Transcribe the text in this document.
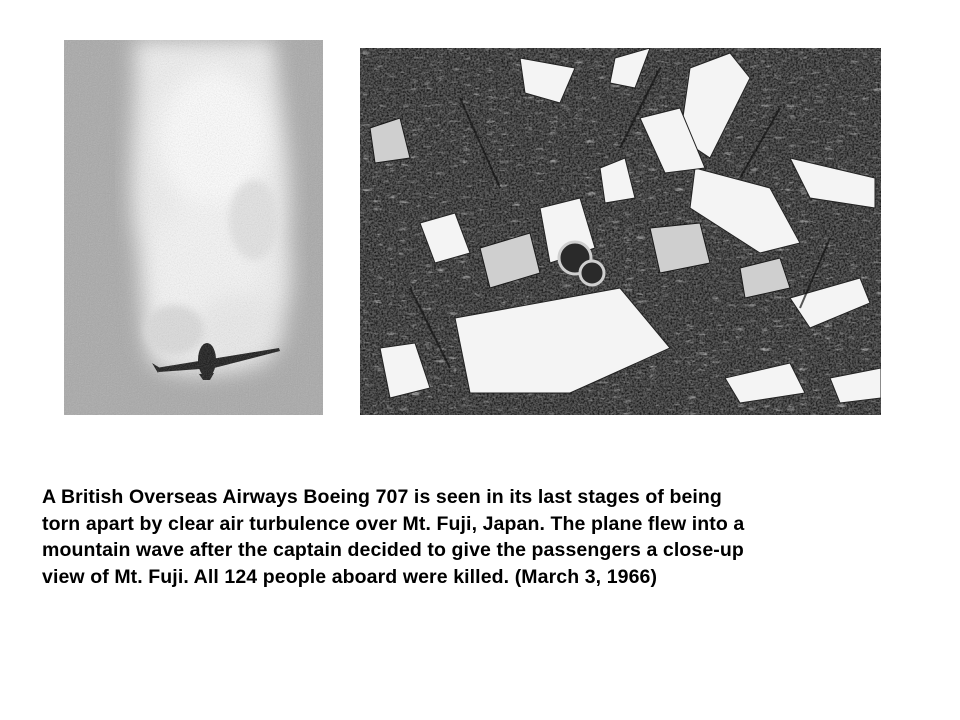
A British Overseas Airways Boeing 707 is seen in its last stages of being
torn apart by clear air turbulence over Mt. Fuji, Japan. The plane flew into a
mountain wave after the captain decided to give the passengers a close-up
view of Mt. Fuji. All 124 people aboard were killed. (March 3, 1966)
